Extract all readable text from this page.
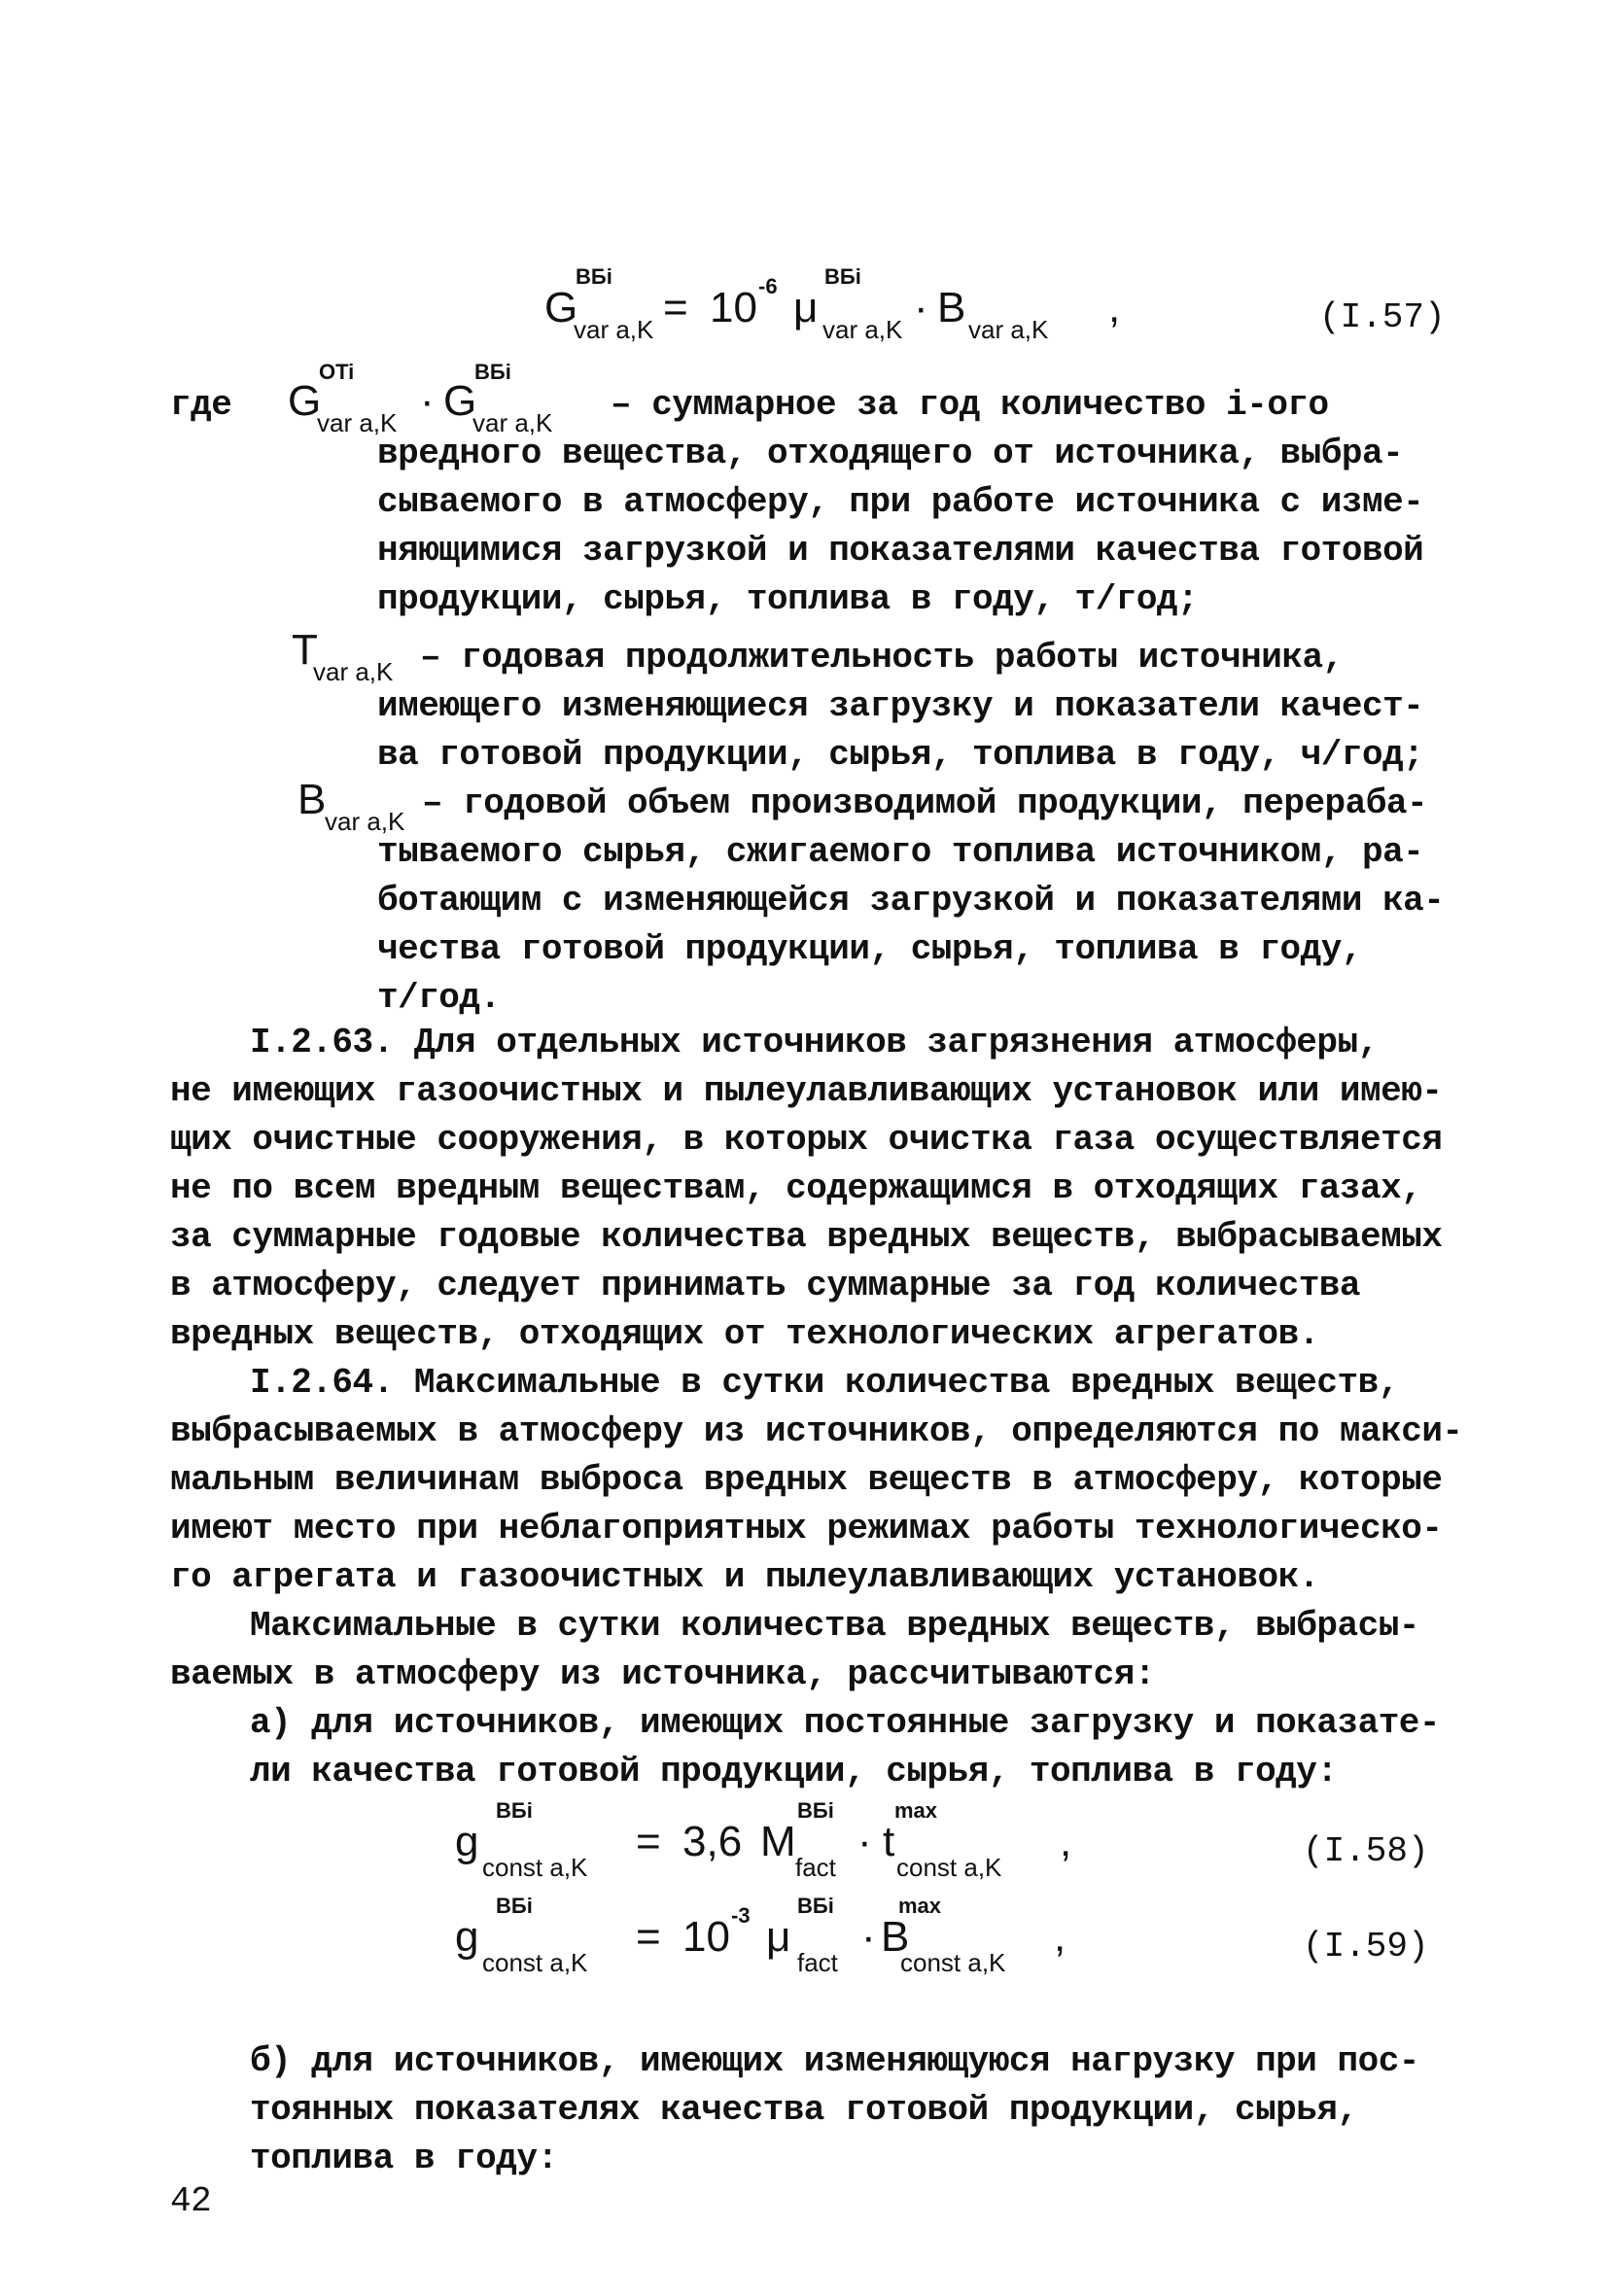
G
ВБi
var a,K = 10 -6 μ
ВБi
var a,K · B var a,K ,	(I.57)
где G
OTi
var a,K · G
ВБi
var a,K – суммарное за год количество i-ого
вредного вещества, отходящего от источника, выбра-
сываемого в атмосферу, при работе источника с изме-
няющимися загрузкой и показателями качества готовой
продукции, сырья, топлива в году, т/год;
T
var a,K – годовая продолжительность работы источника,
имеющего изменяющиеся загрузку и показатели качест-
ва готовой продукции, сырья, топлива в году, ч/год;
B
var a,K – годовой объем производимой продукции, перераба-
тываемого сырья, сжигаемого топлива источником, ра-
ботающим с изменяющейся загрузкой и показателями ка-
чества готовой продукции, сырья, топлива в году,
т/год.
I.2.63. Для отдельных источников загрязнения атмосферы,
не имеющих газоочистных и пылеулавливающих установок или имею-
щих очистные сооружения, в которых очистка газа осуществляется
не по всем вредным веществам, содержащимся в отходящих газах,
за суммарные годовые количества вредных веществ, выбрасываемых
в атмосферу, следует принимать суммарные за год количества
вредных веществ, отходящих от технологических агрегатов.
I.2.64. Максимальные в сутки количества вредных веществ,
выбрасываемых в атмосферу из источников, определяются по макси-
мальным величинам выброса вредных веществ в атмосферу, которые
имеют место при неблагоприятных режимах работы технологическо-
го агрегата и газоочистных и пылеулавливающих установок.
Максимальные в сутки количества вредных веществ, выбрасы-
ваемых в атмосферу из источника, рассчитываются:
а) для источников, имеющих постоянные загрузку и показате-
ли качества готовой продукции, сырья, топлива в году:
g
ВБi
const a,K
= 3,6 M
ВБi
fact
· t
max
const a,K
,	(I.58)
g
ВБi
const a,K
= 10 -3 μ
ВБi
fact
· B
max
const a,K
,	(I.59)
б) для источников, имеющих изменяющуюся нагрузку при пос-
тоянных показателях качества готовой продукции, сырья,
топлива в году:
42
